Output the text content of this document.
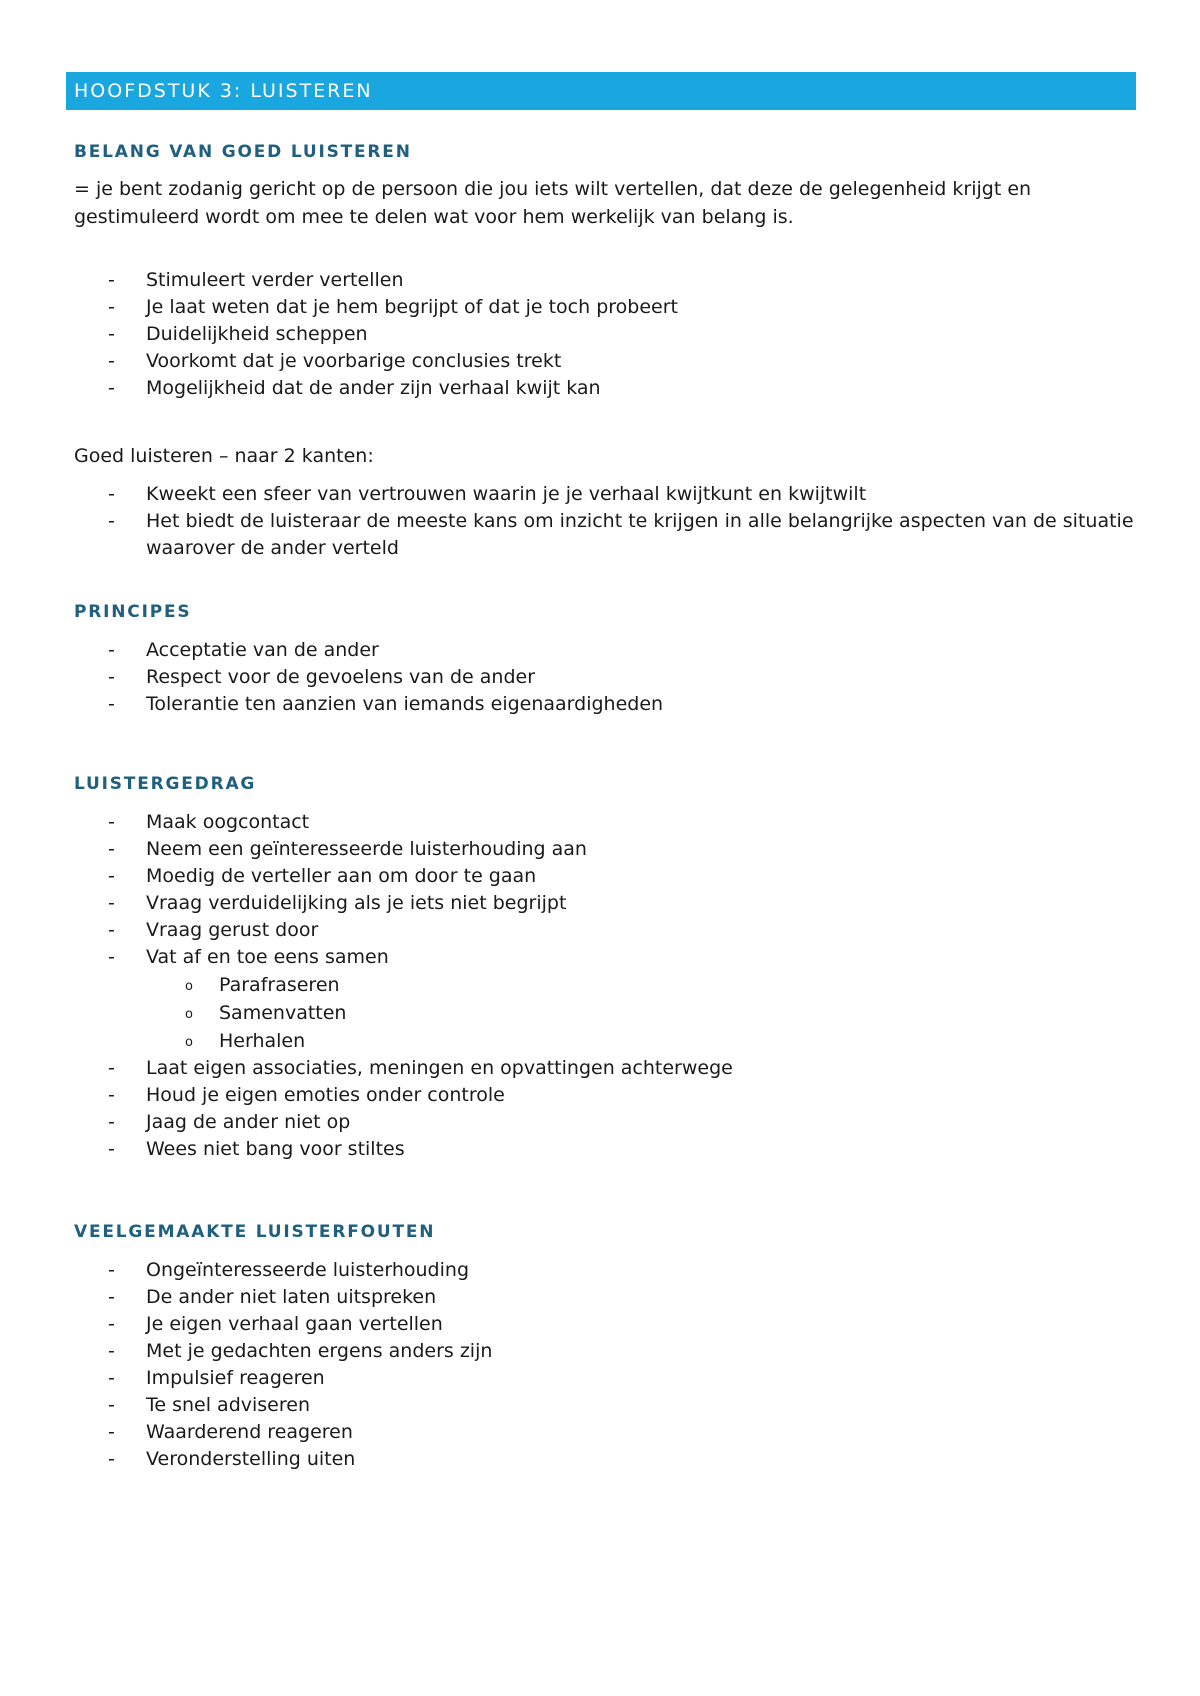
HOOFDSTUK 3: LUISTEREN
BELANG VAN GOED LUISTEREN

= je bent zodanig gericht op de persoon die jou iets wilt vertellen, dat deze de gelegenheid krijgt en gestimuleerd wordt om mee te delen wat voor hem werkelijk van belang is.

- Stimuleert verder vertellen
- Je laat weten dat je hem begrijpt of dat je toch probeert
- Duidelijkheid scheppen
- Voorkomt dat je voorbarige conclusies trekt
- Mogelijkheid dat de ander zijn verhaal kwijt kan

Goed luisteren – naar 2 kanten:

- Kweekt een sfeer van vertrouwen waarin je je verhaal kwijtkunt en kwijtwilt
- Het biedt de luisteraar de meeste kans om inzicht te krijgen in alle belangrijke aspecten van de situatie waarover de ander verteld
PRINCIPES
- Acceptatie van de ander
- Respect voor de gevoelens van de ander
- Tolerantie ten aanzien van iemands eigenaardigheden
LUISTERGEDRAG
- Maak oogcontact
- Neem een geïnteresseerde luisterhouding aan
- Moedig de verteller aan om door te gaan
- Vraag verduidelijking als je iets niet begrijpt
- Vraag gerust door
- Vat af en toe eens samen
o Parafraseren
o Samenvatten
o Herhalen
- Laat eigen associaties, meningen en opvattingen achterwege
- Houd je eigen emoties onder controle
- Jaag de ander niet op
- Wees niet bang voor stiltes
VEELGEMAAKTE LUISTERFOUTEN
- Ongeïnteresseerde luisterhouding
- De ander niet laten uitspreken
- Je eigen verhaal gaan vertellen
- Met je gedachten ergens anders zijn
- Impulsief reageren
- Te snel adviseren
- Waarderend reageren
- Veronderstelling uiten
